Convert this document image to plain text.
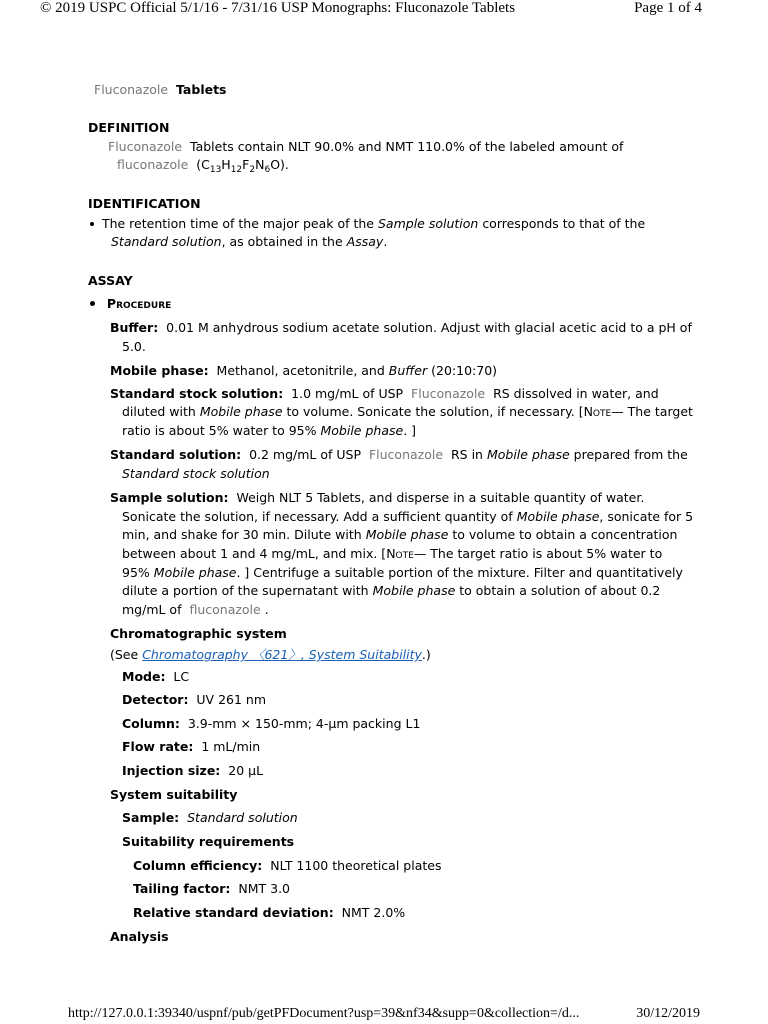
© 2019 USPC Official 5/1/16 - 7/31/16 USP Monographs: Fluconazole Tablets	Page 1 of 4
Fluconazole Tablets
DEFINITION
Fluconazole Tablets contain NLT 90.0% and NMT 110.0% of the labeled amount of
fluconazole $(C_{13}H_{12}F_2N_6O)$.
IDENTIFICATION
The retention time of the major peak of the Sample solution corresponds to that of the
Standard solution, as obtained in the Assay.
ASSAY
Procedure
Buffer: 0.01 M anhydrous sodium acetate solution. Adjust with glacial acetic acid to a pH of
5.0.
Mobile phase: Methanol, acetonitrile, and Buffer (20:10:70)
Standard stock solution: 1.0 mg/mL of USP Fluconazole RS dissolved in water, and
diluted with Mobile phase to volume. Sonicate the solution, if necessary. [Note— The target
ratio is about 5% water to 95% Mobile phase. ]
Standard solution: 0.2 mg/mL of USP Fluconazole RS in Mobile phase prepared from the
Standard stock solution
Sample solution: Weigh NLT 5 Tablets, and disperse in a suitable quantity of water.
Sonicate the solution, if necessary. Add a sufficient quantity of Mobile phase, sonicate for 5
min, and shake for 30 min. Dilute with Mobile phase to volume to obtain a concentration
between about 1 and 4 mg/mL, and mix. [Note— The target ratio is about 5% water to
95% Mobile phase. ] Centrifuge a suitable portion of the mixture. Filter and quantitatively
dilute a portion of the supernatant with Mobile phase to obtain a solution of about 0.2
mg/mL of fluconazole .
Chromatographic system
(See Chromatography 〈621〉, System Suitability.)
Mode: LC
Detector: UV 261 nm
Column: 3.9-mm × 150-mm; 4-µm packing L1
Flow rate: 1 mL/min
Injection size: 20 µL
System suitability
Sample: Standard solution
Suitability requirements
Column efficiency: NLT 1100 theoretical plates
Tailing factor: NMT 3.0
Relative standard deviation: NMT 2.0%
Analysis
http://127.0.0.1:39340/uspnf/pub/getPFDocument?usp=39&nf34&supp=0&collection=/d...	30/12/2019
